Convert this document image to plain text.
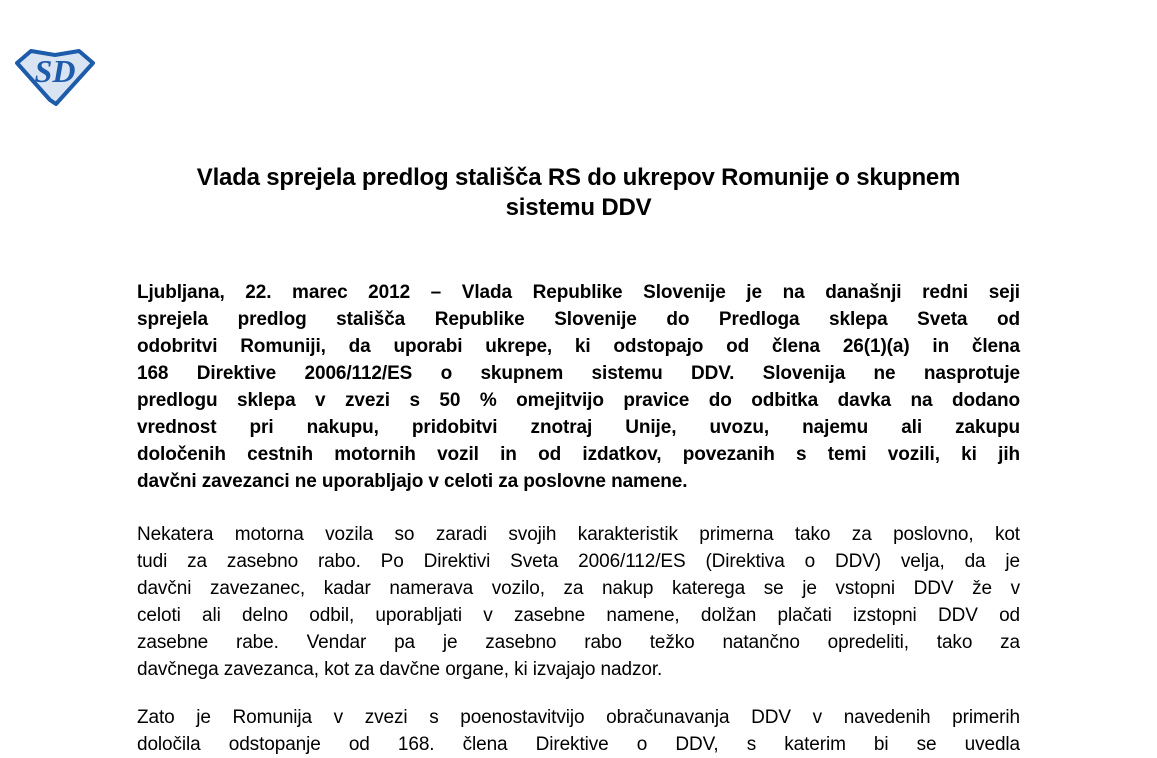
SD
Vlada sprejela predlog stališča RS do ukrepov Romunije o skupnem
sistemu DDV
Ljubljana, 22. marec 2012 – Vlada Republike Slovenije je na današnji redni seji
sprejela predlog stališča Republike Slovenije do Predloga sklepa Sveta od
odobritvi Romuniji, da uporabi ukrepe, ki odstopajo od člena 26(1)(a) in člena
168 Direktive 2006/112/ES o skupnem sistemu DDV. Slovenija ne nasprotuje
predlogu sklepa v zvezi s 50 % omejitvijo pravice do odbitka davka na dodano
vrednost pri nakupu, pridobitvi znotraj Unije, uvozu, najemu ali zakupu
določenih cestnih motornih vozil in od izdatkov, povezanih s temi vozili, ki jih
davčni zavezanci ne uporabljajo v celoti za poslovne namene.
Nekatera motorna vozila so zaradi svojih karakteristik primerna tako za poslovno, kot
tudi za zasebno rabo. Po Direktivi Sveta 2006/112/ES (Direktiva o DDV) velja, da je
davčni zavezanec, kadar namerava vozilo, za nakup katerega se je vstopni DDV že v
celoti ali delno odbil, uporabljati v zasebne namene, dolžan plačati izstopni DDV od
zasebne rabe. Vendar pa je zasebno rabo težko natančno opredeliti, tako za
davčnega zavezanca, kot za davčne organe, ki izvajajo nadzor.
Zato je Romunija v zvezi s poenostavitvijo obračunavanja DDV v navedenih primerih
določila odstopanje od 168. člena Direktive o DDV, s katerim bi se uvedla
